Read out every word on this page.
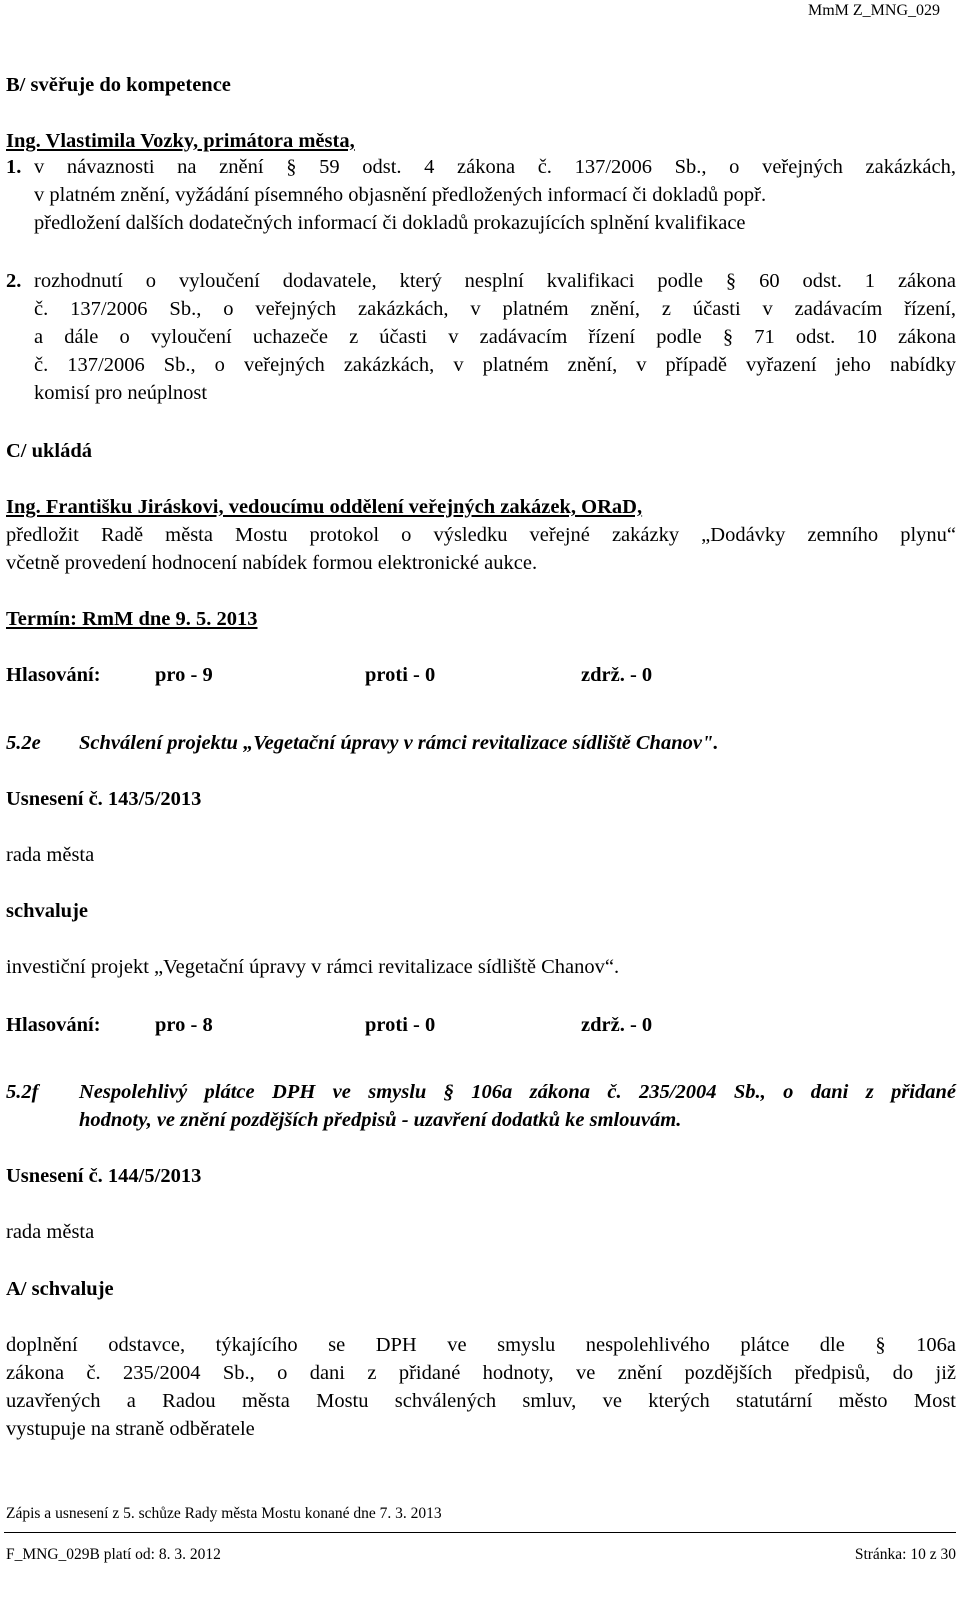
MmM Z_MNG_029
B/ svěřuje do kompetence
Ing. Vlastimila Vozky, primátora města,
1. v návaznosti na znění § 59 odst. 4 zákona č. 137/2006 Sb., o veřejných zakázkách,
v platném znění, vyžádání písemného objasnění předložených informací či dokladů popř.
předložení dalších dodatečných informací či dokladů prokazujících splnění kvalifikace
2. rozhodnutí o vyloučení dodavatele, který nesplní kvalifikaci podle § 60 odst. 1 zákona
č. 137/2006 Sb., o veřejných zakázkách, v platném znění, z účasti v zadávacím řízení,
a dále o vyloučení uchazeče z účasti v zadávacím řízení podle § 71 odst. 10 zákona
č. 137/2006 Sb., o veřejných zakázkách, v platném znění, v případě vyřazení jeho nabídky
komisí pro neúplnost
C/ ukládá
Ing. Františku Jiráskovi, vedoucímu oddělení veřejných zakázek, ORaD,
předložit Radě města Mostu protokol o výsledku veřejné zakázky „Dodávky zemního plynu“
včetně provedení hodnocení nabídek formou elektronické aukce.
Termín: RmM dne 9. 5. 2013
Hlasování:	pro - 9	proti - 0	zdrž. - 0
5.2e Schválení projektu „Vegetační úpravy v rámci revitalizace sídliště Chanov".
Usnesení č. 143/5/2013
rada města
schvaluje
investiční projekt „Vegetační úpravy v rámci revitalizace sídliště Chanov“.
Hlasování:	pro - 8	proti - 0	zdrž. - 0
5.2f Nespolehlivý plátce DPH ve smyslu § 106a zákona č. 235/2004 Sb., o dani z přidané
hodnoty, ve znění pozdějších předpisů - uzavření dodatků ke smlouvám.
Usnesení č. 144/5/2013
rada města
A/ schvaluje
doplnění odstavce, týkajícího se DPH ve smyslu nespolehlivého plátce dle § 106a
zákona č. 235/2004 Sb., o dani z přidané hodnoty, ve znění pozdějších předpisů, do již
uzavřených a Radou města Mostu schválených smluv, ve kterých statutární město Most
vystupuje na straně odběratele
Zápis a usnesení z 5. schůze Rady města Mostu konané dne 7. 3. 2013
F_MNG_029B platí od: 8. 3. 2012	Stránka: 10 z 30
